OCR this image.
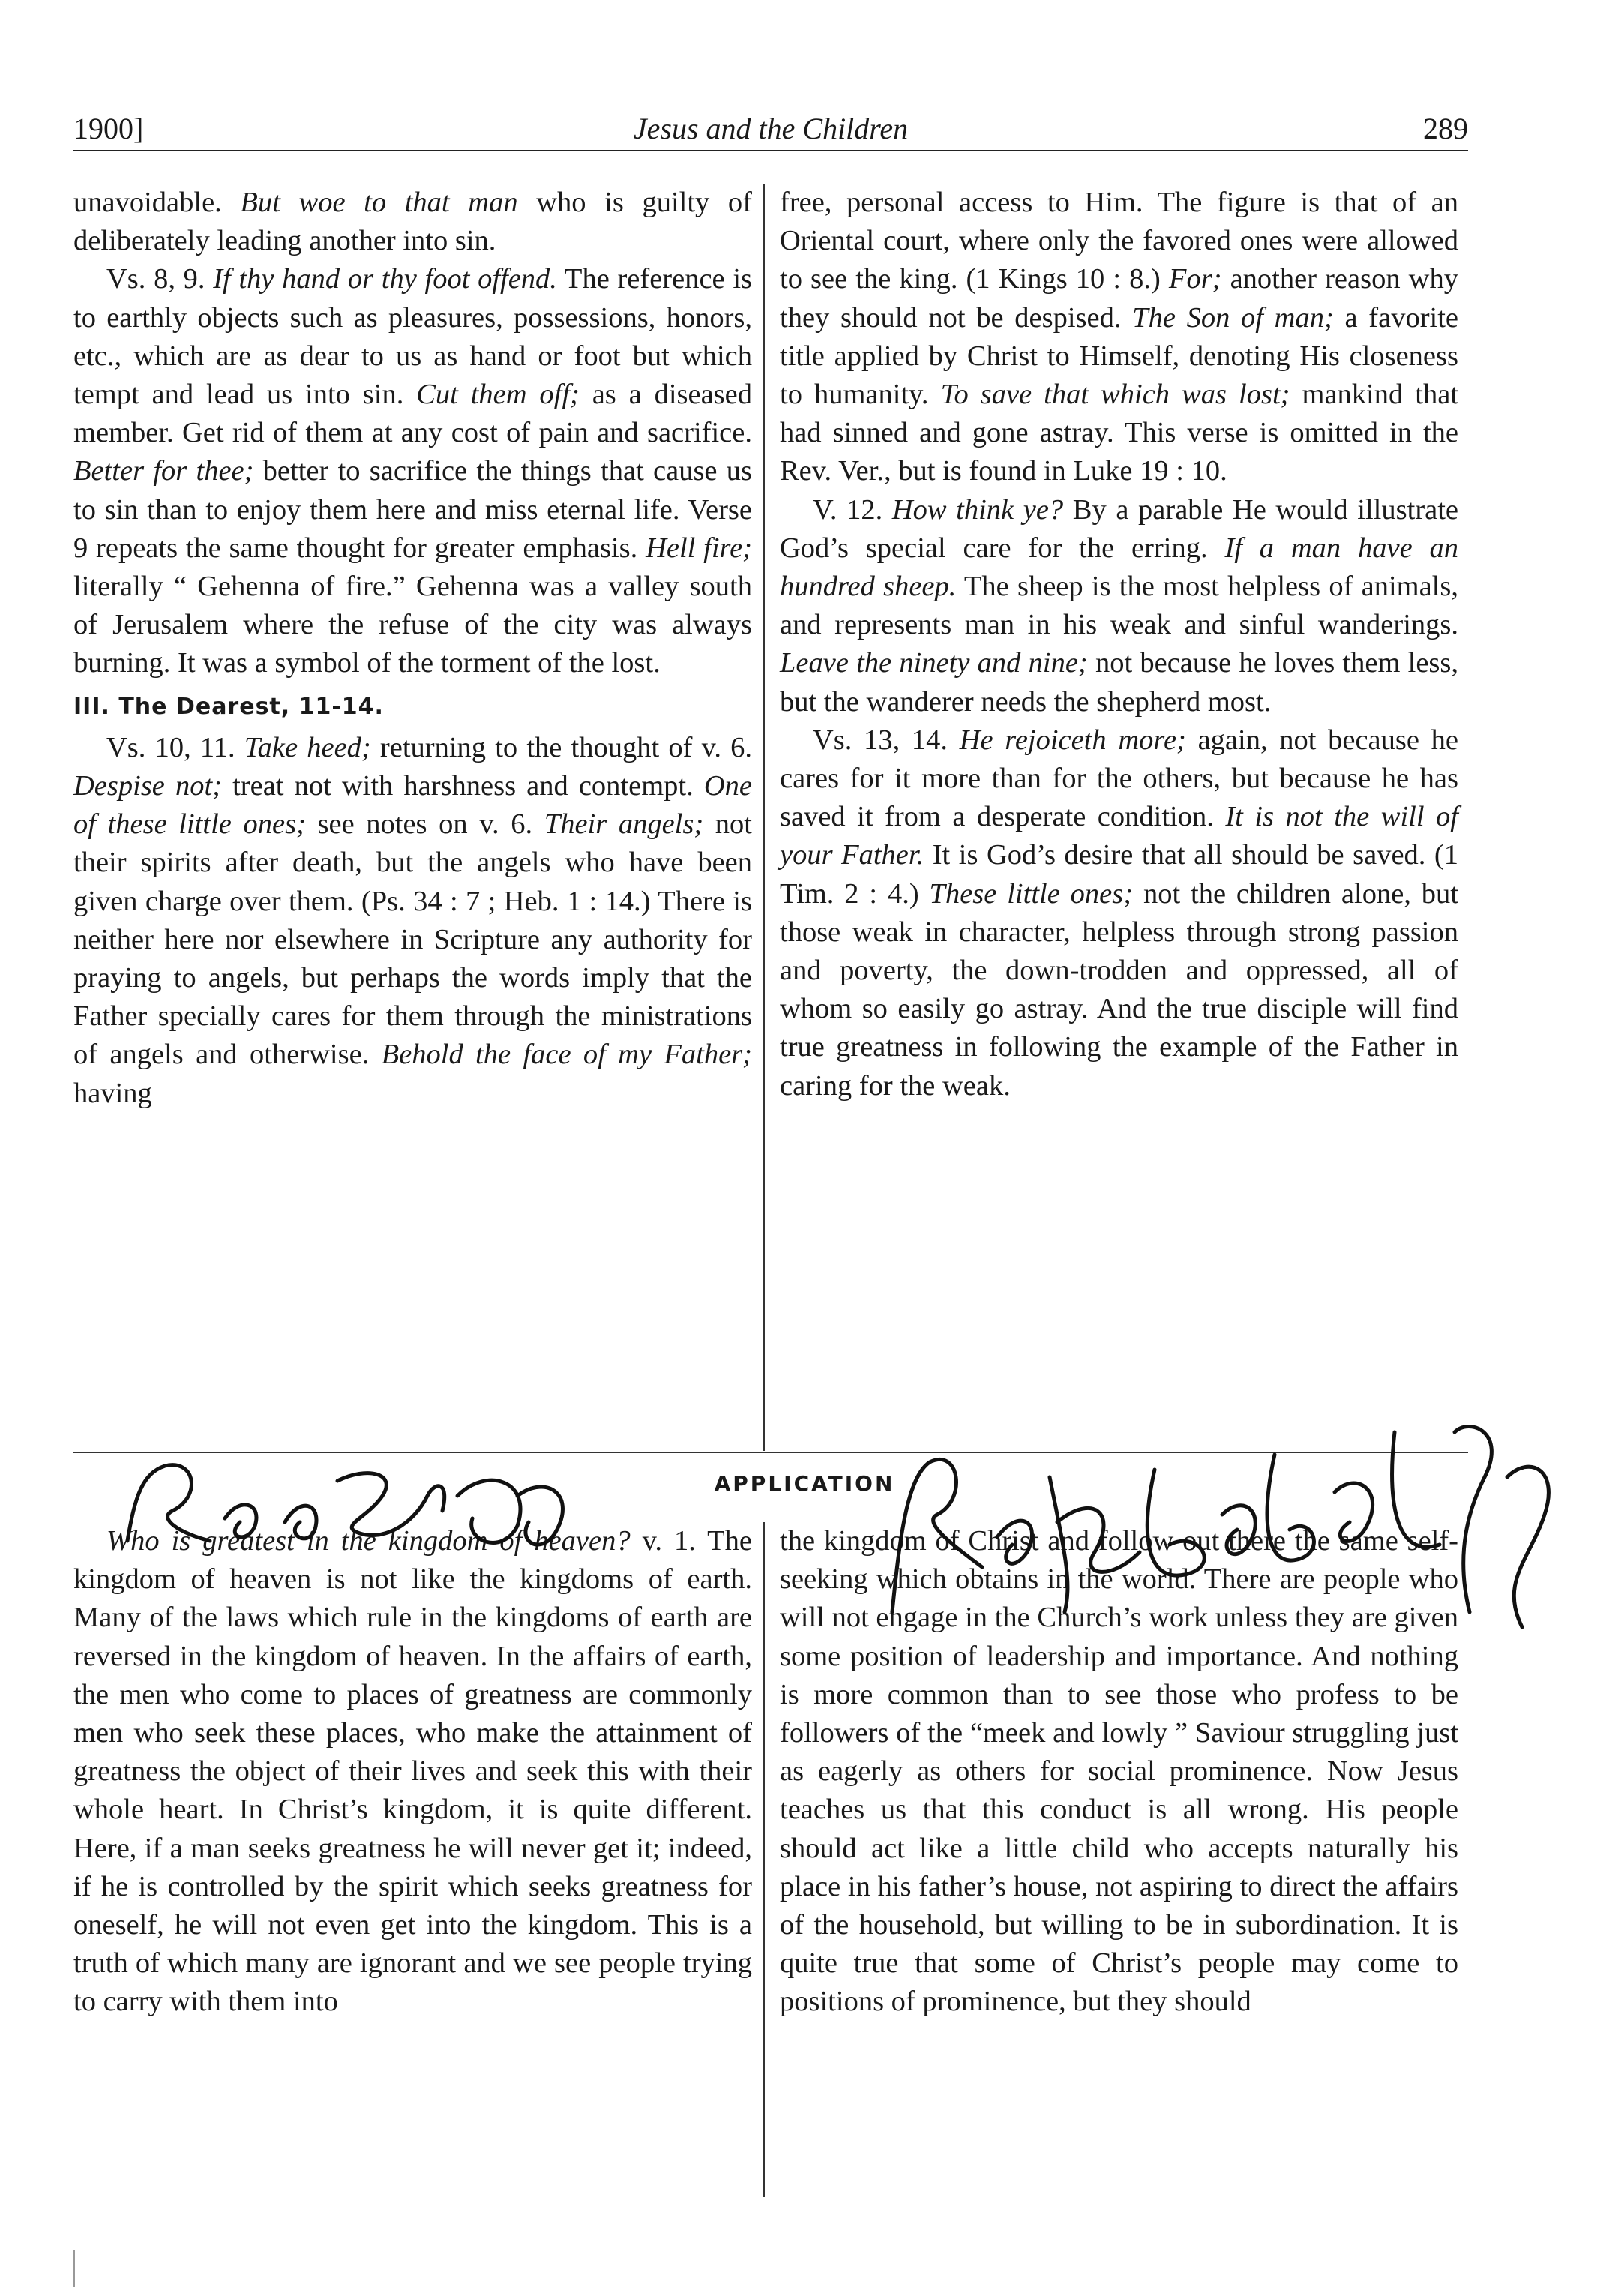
1900]	Jesus and the Children	289

unavoidable. But woe to that man who is guilty of deliberately leading another into sin.

Vs. 8, 9. If thy hand or thy foot offend. The reference is to earthly objects such as pleasures, possessions, honors, etc., which are as dear to us as hand or foot but which tempt and lead us into sin. Cut them off; as a diseased member. Get rid of them at any cost of pain and sacrifice. Better for thee; better to sacrifice the things that cause us to sin than to enjoy them here and miss eternal life. Verse 9 repeats the same thought for greater emphasis. Hell fire; literally “ Gehenna of fire.” Gehenna was a valley south of Jerusalem where the refuse of the city was always burning. It was a symbol of the torment of the lost.

III. The Dearest, 11-14.

Vs. 10, 11. Take heed; returning to the thought of v. 6. Despise not; treat not with harshness and contempt. One of these little ones; see notes on v. 6. Their angels; not their spirits after death, but the angels who have been given charge over them. (Ps. 34 : 7 ; Heb. 1 : 14.) There is neither here nor elsewhere in Scripture any authority for praying to angels, but perhaps the words imply that the Father specially cares for them through the ministrations of angels and otherwise. Behold the face of my Father; having

free, personal access to Him. The figure is that of an Oriental court, where only the favored ones were allowed to see the king. (1 Kings 10 : 8.) For; another reason why they should not be despised. The Son of man; a favorite title applied by Christ to Himself, denoting His closeness to humanity. To save that which was lost; mankind that had sinned and gone astray. This verse is omitted in the Rev. Ver., but is found in Luke 19 : 10.

V. 12. How think ye? By a parable He would illustrate God’s special care for the erring. If a man have an hundred sheep. The sheep is the most helpless of animals, and represents man in his weak and sinful wanderings. Leave the ninety and nine; not because he loves them less, but the wanderer needs the shepherd most.

Vs. 13, 14. He rejoiceth more; again, not because he cares for it more than for the others, but because he has saved it from a desperate condition. It is not the will of your Father. It is God’s desire that all should be saved. (1 Tim. 2 : 4.) These little ones; not the children alone, but those weak in character, helpless through strong passion and poverty, the down-trodden and oppressed, all of whom so easily go astray. And the true disciple will find true greatness in following the example of the Father in caring for the weak.

APPLICATION

Who is greatest in the kingdom of heaven? v. 1. The kingdom of heaven is not like the kingdoms of earth. Many of the laws which rule in the kingdoms of earth are reversed in the kingdom of heaven. In the affairs of earth, the men who come to places of greatness are commonly men who seek these places, who make the attainment of greatness the object of their lives and seek this with their whole heart. In Christ’s kingdom, it is quite different. Here, if a man seeks greatness he will never get it; indeed, if he is controlled by the spirit which seeks greatness for oneself, he will not even get into the kingdom. This is a truth of which many are ignorant and we see people trying to carry with them into

the kingdom of Christ and follow out there the same self-seeking which obtains in the world. There are people who will not engage in the Church’s work unless they are given some position of leadership and importance. And nothing is more common than to see those who profess to be followers of the “meek and lowly ” Saviour struggling just as eagerly as others for social prominence. Now Jesus teaches us that this conduct is all wrong. His people should act like a little child who accepts naturally his place in his father’s house, not aspiring to direct the affairs of the household, but willing to be in subordination. It is quite true that some of Christ’s people may come to positions of prominence, but they should
